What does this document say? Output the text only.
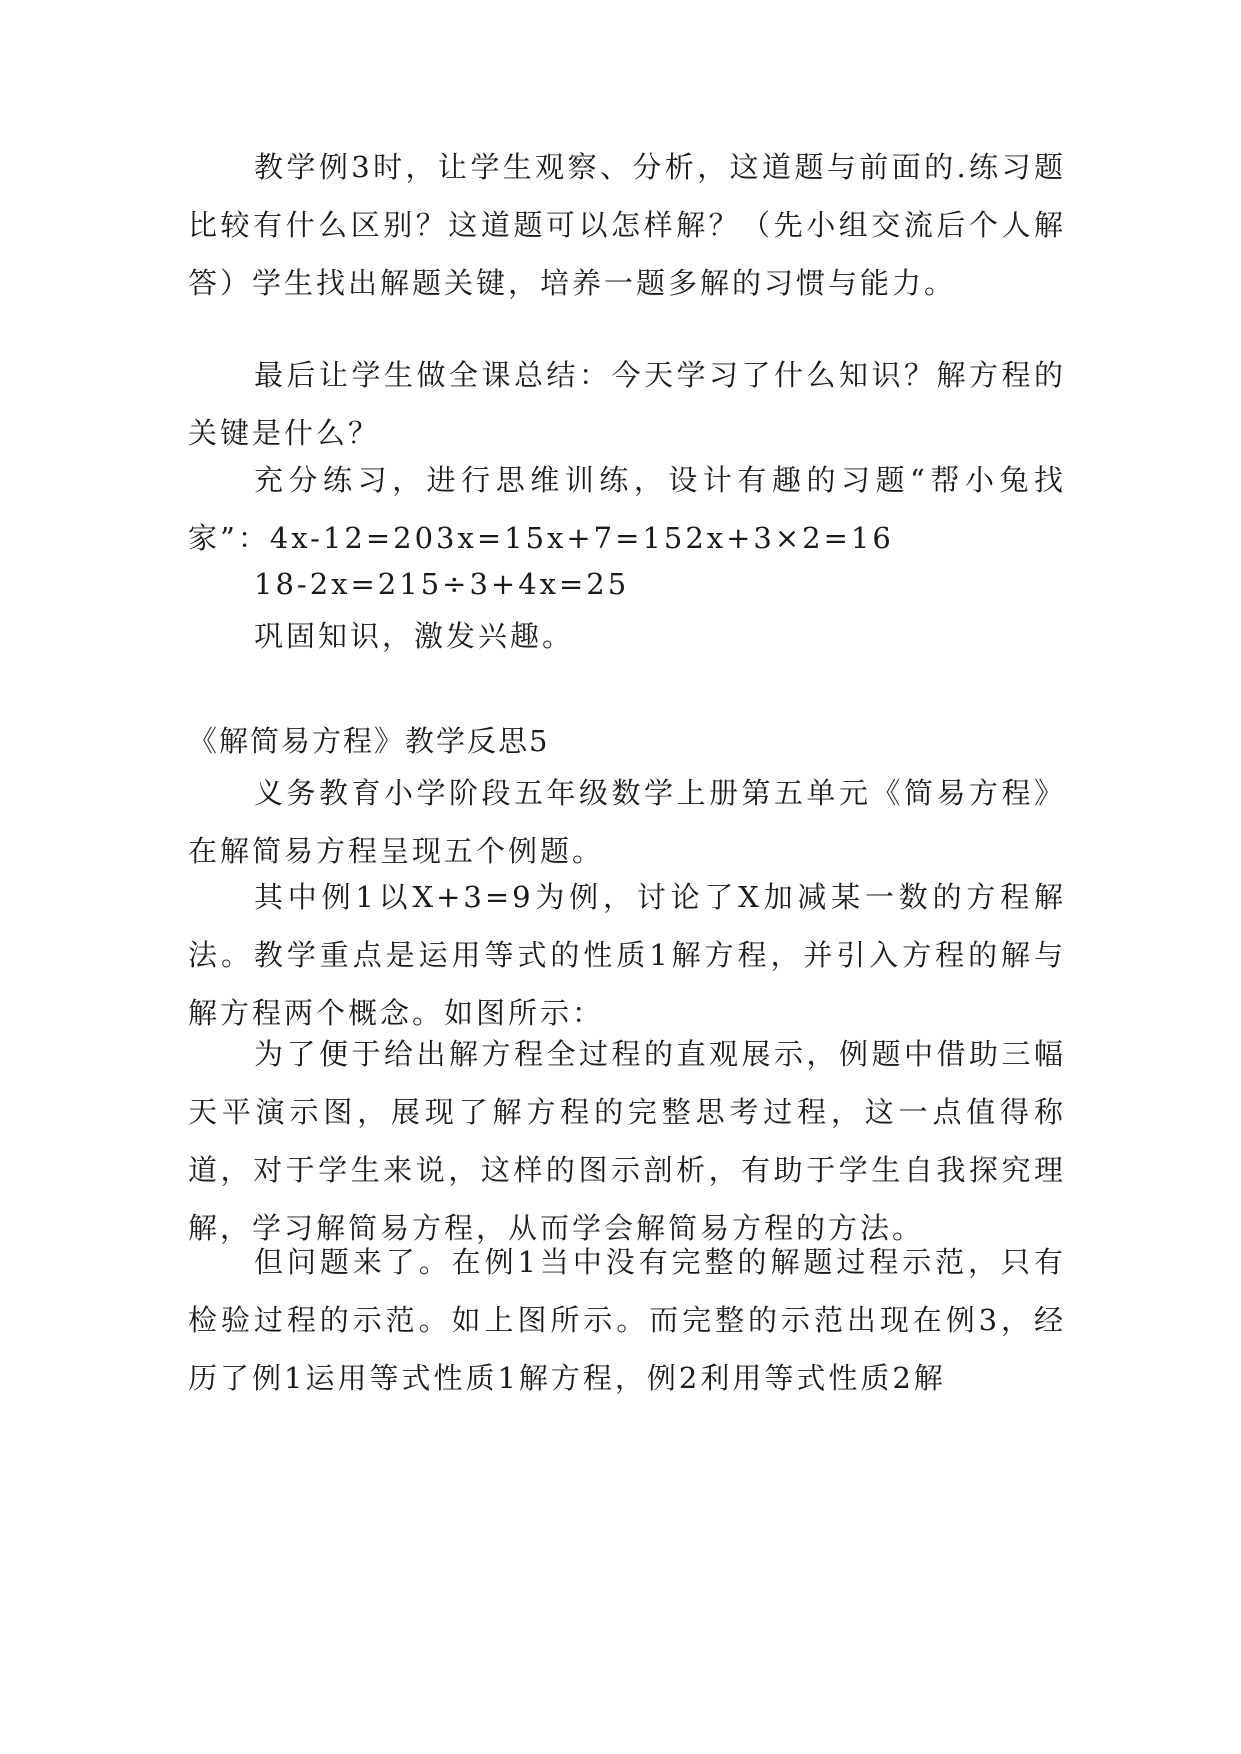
教学例3时，让学生观察、分析，这道题与前面的.练习题比较有什么区别？这道题可以怎样解？（先小组交流后个人解答）学生找出解题关键，培养一题多解的习惯与能力。

最后让学生做全课总结：今天学习了什么知识？解方程的关键是什么？

充分练习，进行思维训练，设计有趣的习题“帮小兔找家”：4x-12=203x=15x+7=152x+3×2=16

18-2x=215÷3+4x=25

巩固知识，激发兴趣。

《解简易方程》教学反思5

义务教育小学阶段五年级数学上册第五单元《简易方程》在解简易方程呈现五个例题。

其中例1以X+3=9为例，讨论了X加减某一数的方程解法。教学重点是运用等式的性质1解方程，并引入方程的解与解方程两个概念。如图所示：

为了便于给出解方程全过程的直观展示，例题中借助三幅天平演示图，展现了解方程的完整思考过程，这一点值得称道，对于学生来说，这样的图示剖析，有助于学生自我探究理解，学习解简易方程，从而学会解简易方程的方法。

但问题来了。在例1当中没有完整的解题过程示范，只有检验过程的示范。如上图所示。而完整的示范出现在例3，经历了例1运用等式性质1解方程，例2利用等式性质2解
